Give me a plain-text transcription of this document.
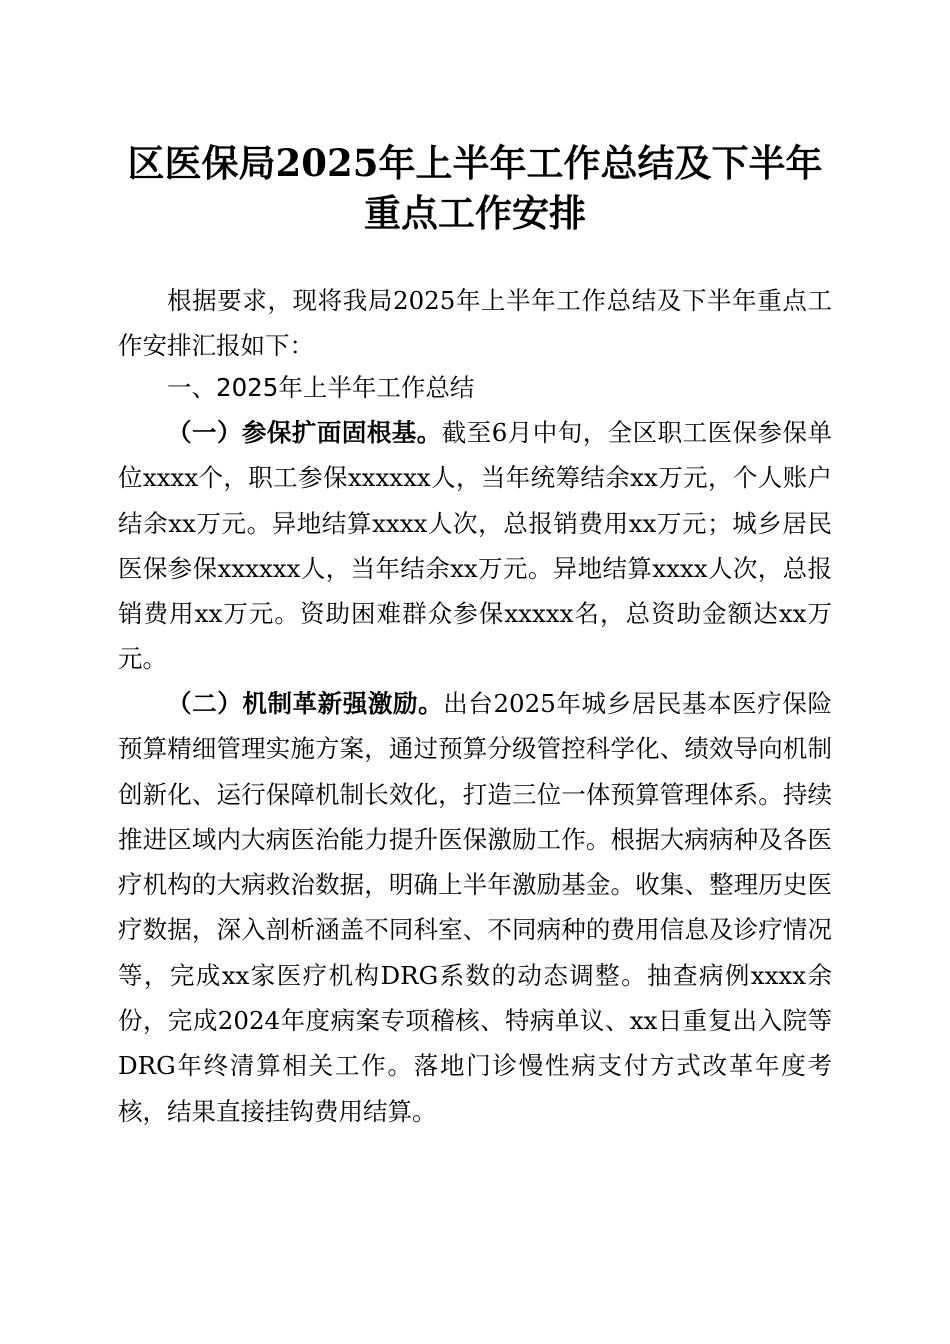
区医保局2025年上半年工作总结及下半年重点工作安排
根据要求，现将我局2025年上半年工作总结及下半年重点工作安排汇报如下：
一、2025年上半年工作总结
（一）参保扩面固根基。截至6月中旬，全区职工医保参保单位xxxx个，职工参保xxxxxx人，当年统筹结余xx万元，个人账户结余xx万元。异地结算xxxx人次，总报销费用xx万元；城乡居民医保参保xxxxxx人，当年结余xx万元。异地结算xxxx人次，总报销费用xx万元。资助困难群众参保xxxxx名，总资助金额达xx万元。
（二）机制革新强激励。出台2025年城乡居民基本医疗保险预算精细管理实施方案，通过预算分级管控科学化、绩效导向机制创新化、运行保障机制长效化，打造三位一体预算管理体系。持续推进区域内大病医治能力提升医保激励工作。根据大病病种及各医疗机构的大病救治数据，明确上半年激励基金。收集、整理历史医疗数据，深入剖析涵盖不同科室、不同病种的费用信息及诊疗情况等，完成xx家医疗机构DRG系数的动态调整。抽查病例xxxx余份，完成2024年度病案专项稽核、特病单议、xx日重复出入院等DRG年终清算相关工作。落地门诊慢性病支付方式改革年度考核，结果直接挂钩费用结算。
